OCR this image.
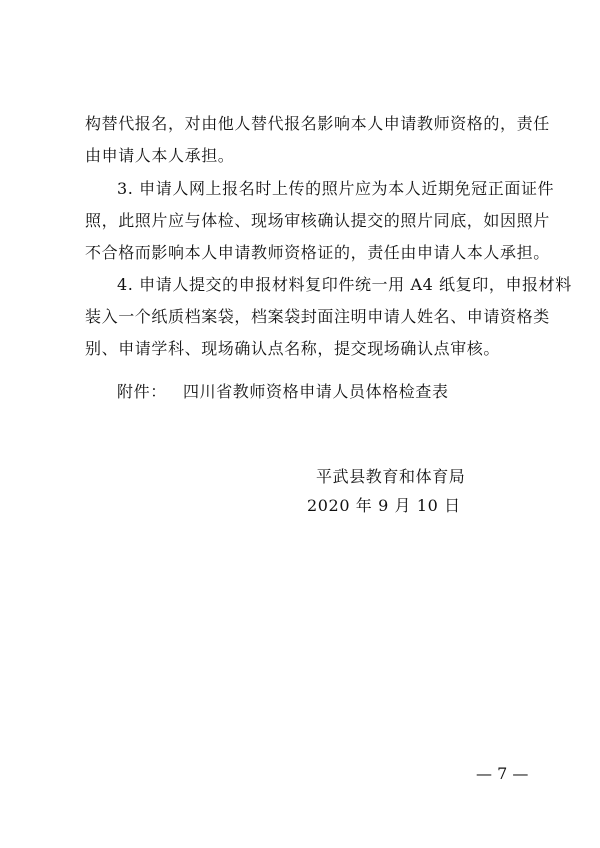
构替代报名，对由他人替代报名影响本人申请教师资格的，责任
由申请人本人承担。
3. 申请人网上报名时上传的照片应为本人近期免冠正面证件
照，此照片应与体检、现场审核确认提交的照片同底，如因照片
不合格而影响本人申请教师资格证的，责任由申请人本人承担。
4. 申请人提交的申报材料复印件统一用 A4 纸复印，申报材料
装入一个纸质档案袋，档案袋封面注明申请人姓名、申请资格类
别、申请学科、现场确认点名称，提交现场确认点审核。
附件： 四川省教师资格申请人员体格检查表
平武县教育和体育局
2020 年 9 月 10 日
— 7 —
